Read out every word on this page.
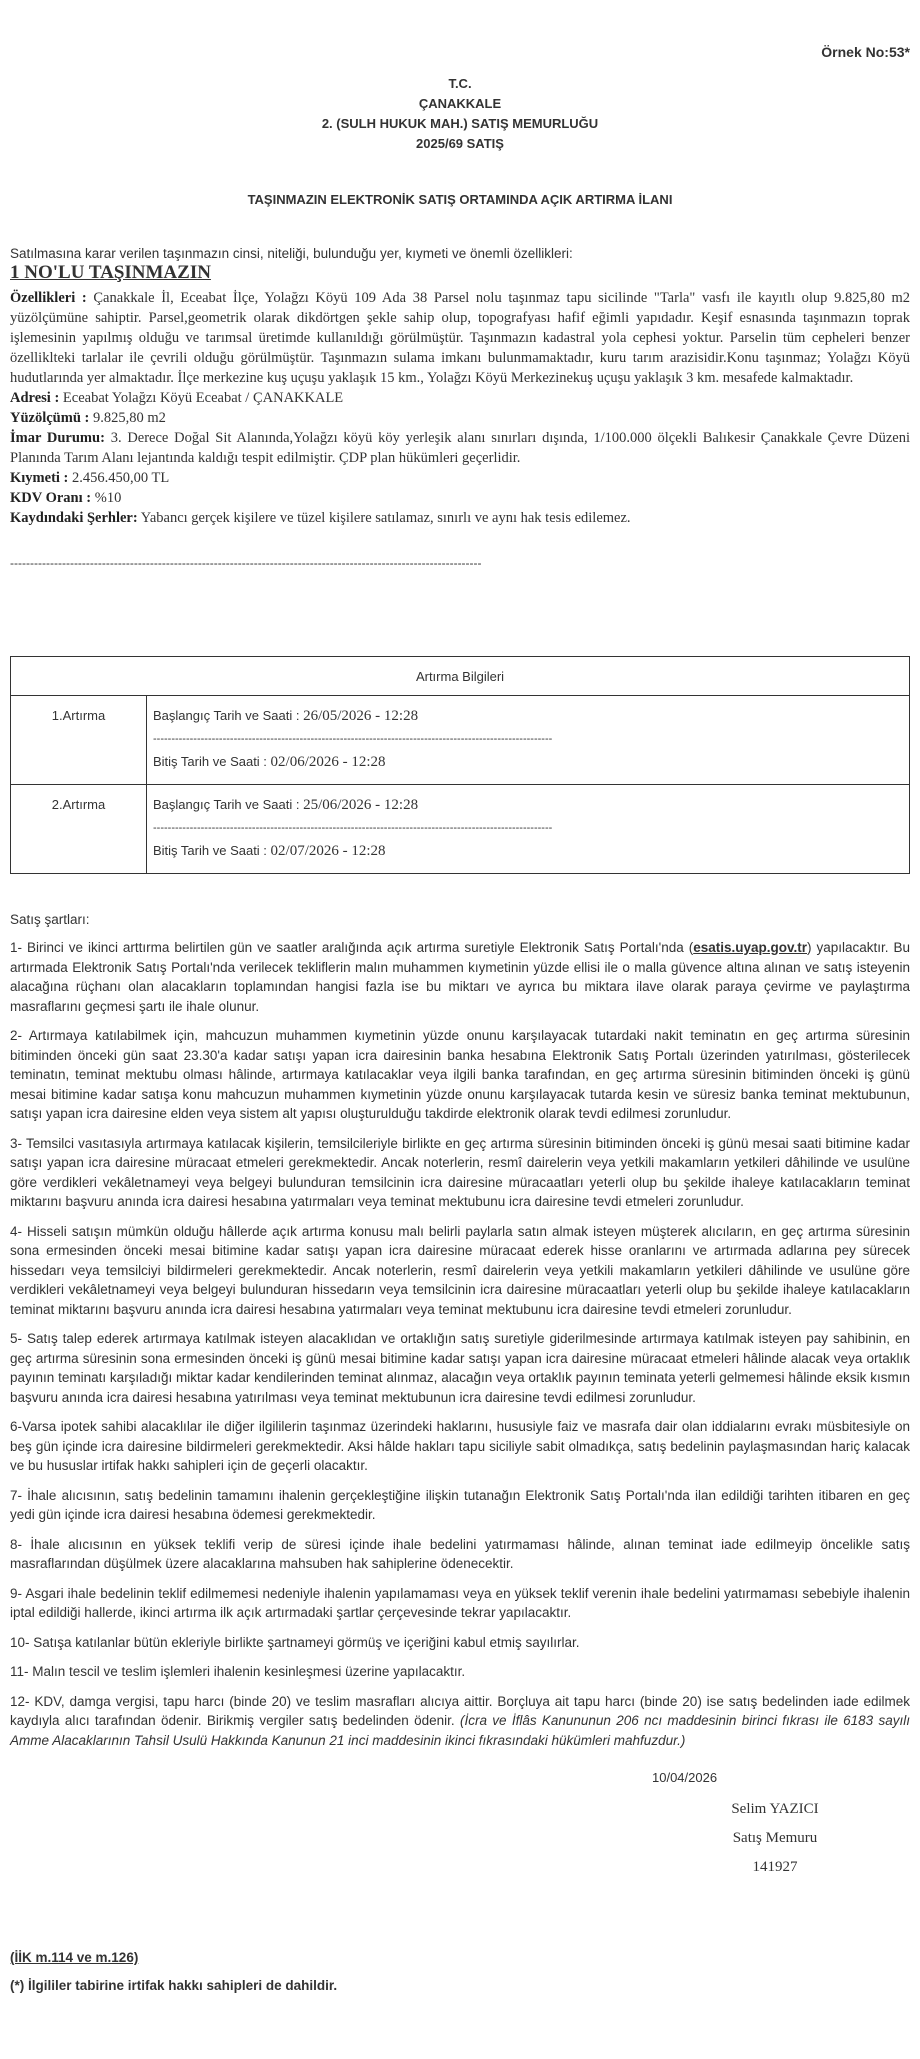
Örnek No:53*
T.C.
ÇANAKKALE
2. (SULH HUKUK MAH.) SATIŞ MEMURLUĞU
2025/69 SATIŞ
TAŞINMAZIN ELEKTRONİK SATIŞ ORTAMINDA AÇIK ARTIRMA İLANI
Satılmasına karar verilen taşınmazın cinsi, niteliği, bulunduğu yer, kıymeti ve önemli özellikleri:
1 NO'LU TAŞINMAZIN

Özellikleri : Çanakkale İl, Eceabat İlçe, Yolağzı Köyü 109 Ada 38 Parsel nolu taşınmaz tapu sicilinde "Tarla" vasfı ile kayıtlı olup 9.825,80 m2 yüzölçümüne sahiptir. Parsel,geometrik olarak dikdörtgen şekle sahip olup, topografyası hafif eğimli yapıdadır. Keşif esnasında taşınmazın toprak işlemesinin yapılmış olduğu ve tarımsal üretimde kullanıldığı görülmüştür. Taşınmazın kadastral yola cephesi yoktur. Parselin tüm cepheleri benzer özelliklteki tarlalar ile çevrili olduğu görülmüştür. Taşınmazın sulama imkanı bulunmamaktadır, kuru tarım arazisidir.Konu taşınmaz; Yolağzı Köyü hudutlarında yer almaktadır. İlçe merkezine kuş uçuşu yaklaşık 15 km., Yolağzı Köyü Merkezinekuş uçuşu yaklaşık 3 km. mesafede kalmaktadır.

Adresi : Eceabat Yolağzı Köyü Eceabat / ÇANAKKALE

Yüzölçümü : 9.825,80 m2

İmar Durumu: 3. Derece Doğal Sit Alanında,Yolağzı köyü köy yerleşik alanı sınırları dışında, 1/100.000 ölçekli Balıkesir Çanakkale Çevre Düzeni Planında Tarım Alanı lejantında kaldığı tespit edilmiştir. ÇDP plan hükümleri geçerlidir.

Kıymeti : 2.456.450,00 TL

KDV Oranı : %10

Kaydındaki Şerhler: Yabancı gerçek kişilere ve tüzel kişilere satılamaz, sınırlı ve aynı hak tesis edilemez.

----------------------------------------------------------------------------------------------------------------------
Artırma Bilgileri	
1.Artırma	Başlangıç Tarih ve Saati : 26/05/2026 - 12:28
-------------------------------------------------------------------------------------------------------------
Bitiş Tarih ve Saati : 02/06/2026 - 12:28

2.Artırma	Başlangıç Tarih ve Saati : 25/06/2026 - 12:28
-------------------------------------------------------------------------------------------------------------
Bitiş Tarih ve Saati : 02/07/2026 - 12:28
Satış şartları:

1- Birinci ve ikinci arttırma belirtilen gün ve saatler aralığında açık artırma suretiyle Elektronik Satış Portalı'nda (esatis.uyap.gov.tr) yapılacaktır. Bu artırmada Elektronik Satış Portalı'nda verilecek tekliflerin malın muhammen kıymetinin yüzde ellisi ile o malla güvence altına alınan ve satış isteyenin alacağına rüçhanı olan alacakların toplamından hangisi fazla ise bu miktarı ve ayrıca bu miktara ilave olarak paraya çevirme ve paylaştırma masraflarını geçmesi şartı ile ihale olunur.

2- Artırmaya katılabilmek için, mahcuzun muhammen kıymetinin yüzde onunu karşılayacak tutardaki nakit teminatın en geç artırma süresinin bitiminden önceki gün saat 23.30'a kadar satışı yapan icra dairesinin banka hesabına Elektronik Satış Portalı üzerinden yatırılması, gösterilecek teminatın, teminat mektubu olması hâlinde, artırmaya katılacaklar veya ilgili banka tarafından, en geç artırma süresinin bitiminden önceki iş günü mesai bitimine kadar satışa konu mahcuzun muhammen kıymetinin yüzde onunu karşılayacak tutarda kesin ve süresiz banka teminat mektubunun, satışı yapan icra dairesine elden veya sistem alt yapısı oluşturulduğu takdirde elektronik olarak tevdi edilmesi zorunludur.

3- Temsilci vasıtasıyla artırmaya katılacak kişilerin, temsilcileriyle birlikte en geç artırma süresinin bitiminden önceki iş günü mesai saati bitimine kadar satışı yapan icra dairesine müracaat etmeleri gerekmektedir. Ancak noterlerin, resmî dairelerin veya yetkili makamların yetkileri dâhilinde ve usulüne göre verdikleri vekâletnameyi veya belgeyi bulunduran temsilcinin icra dairesine müracaatları yeterli olup bu şekilde ihaleye katılacakların teminat miktarını başvuru anında icra dairesi hesabına yatırmaları veya teminat mektubunu icra dairesine tevdi etmeleri zorunludur.

4- Hisseli satışın mümkün olduğu hâllerde açık artırma konusu malı belirli paylarla satın almak isteyen müşterek alıcıların, en geç artırma süresinin sona ermesinden önceki mesai bitimine kadar satışı yapan icra dairesine müracaat ederek hisse oranlarını ve artırmada adlarına pey sürecek hissedarı veya temsilciyi bildirmeleri gerekmektedir. Ancak noterlerin, resmî dairelerin veya yetkili makamların yetkileri dâhilinde ve usulüne göre verdikleri vekâletnameyi veya belgeyi bulunduran hissedarın veya temsilcinin icra dairesine müracaatları yeterli olup bu şekilde ihaleye katılacakların teminat miktarını başvuru anında icra dairesi hesabına yatırmaları veya teminat mektubunu icra dairesine tevdi etmeleri zorunludur.

5- Satış talep ederek artırmaya katılmak isteyen alacaklıdan ve ortaklığın satış suretiyle giderilmesinde artırmaya katılmak isteyen pay sahibinin, en geç artırma süresinin sona ermesinden önceki iş günü mesai bitimine kadar satışı yapan icra dairesine müracaat etmeleri hâlinde alacak veya ortaklık payının teminatı karşıladığı miktar kadar kendilerinden teminat alınmaz, alacağın veya ortaklık payının teminata yeterli gelmemesi hâlinde eksik kısmın başvuru anında icra dairesi hesabına yatırılması veya teminat mektubunun icra dairesine tevdi edilmesi zorunludur.

6-Varsa ipotek sahibi alacaklılar ile diğer ilgililerin taşınmaz üzerindeki haklarını, hususiyle faiz ve masrafa dair olan iddialarını evrakı müsbitesiyle on beş gün içinde icra dairesine bildirmeleri gerekmektedir. Aksi hâlde hakları tapu siciliyle sabit olmadıkça, satış bedelinin paylaşmasından hariç kalacak ve bu hususlar irtifak hakkı sahipleri için de geçerli olacaktır.

7- İhale alıcısının, satış bedelinin tamamını ihalenin gerçekleştiğine ilişkin tutanağın Elektronik Satış Portalı'nda ilan edildiği tarihten itibaren en geç yedi gün içinde icra dairesi hesabına ödemesi gerekmektedir.

8- İhale alıcısının en yüksek teklifi verip de süresi içinde ihale bedelini yatırmaması hâlinde, alınan teminat iade edilmeyip öncelikle satış masraflarından düşülmek üzere alacaklarına mahsuben hak sahiplerine ödenecektir.

9- Asgari ihale bedelinin teklif edilmemesi nedeniyle ihalenin yapılamaması veya en yüksek teklif verenin ihale bedelini yatırmaması sebebiyle ihalenin iptal edildiği hallerde, ikinci artırma ilk açık artırmadaki şartlar çerçevesinde tekrar yapılacaktır.

10- Satışa katılanlar bütün ekleriyle birlikte şartnameyi görmüş ve içeriğini kabul etmiş sayılırlar.

11- Malın tescil ve teslim işlemleri ihalenin kesinleşmesi üzerine yapılacaktır.

12- KDV, damga vergisi, tapu harcı (binde 20) ve teslim masrafları alıcıya aittir. Borçluya ait tapu harcı (binde 20) ise satış bedelinden iade edilmek kaydıyla alıcı tarafından ödenir. Birikmiş vergiler satış bedelinden ödenir. (İcra ve İflâs Kanununun 206 ncı maddesinin birinci fıkrası ile 6183 sayılı Amme Alacaklarının Tahsil Usulü Hakkında Kanunun 21 inci maddesinin ikinci fıkrasındaki hükümleri mahfuzdur.)

10/04/2026
Selim YAZICI
Satış Memuru
141927
(İİK m.114 ve m.126)
(*) İlgililer tabirine irtifak hakkı sahipleri de dahildir.
